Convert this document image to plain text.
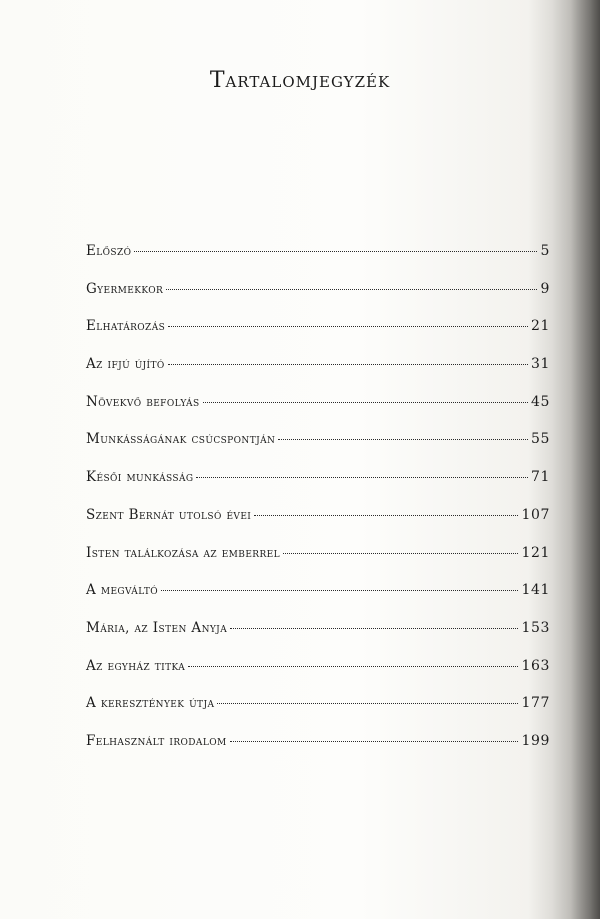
Tartalomjegyzék
Előszó	5
Gyermekkor	9
Elhatározás	21
Az ifjú újító	31
Növekvő befolyás	45
Munkásságának csúcspontján	55
Késői munkásság	71
Szent Bernát utolsó évei	107
Isten találkozása az emberrel	121
A megváltó	141
Mária, az Isten Anyja	153
Az egyház titka	163
A keresztények útja	177
Felhasznált irodalom	199
